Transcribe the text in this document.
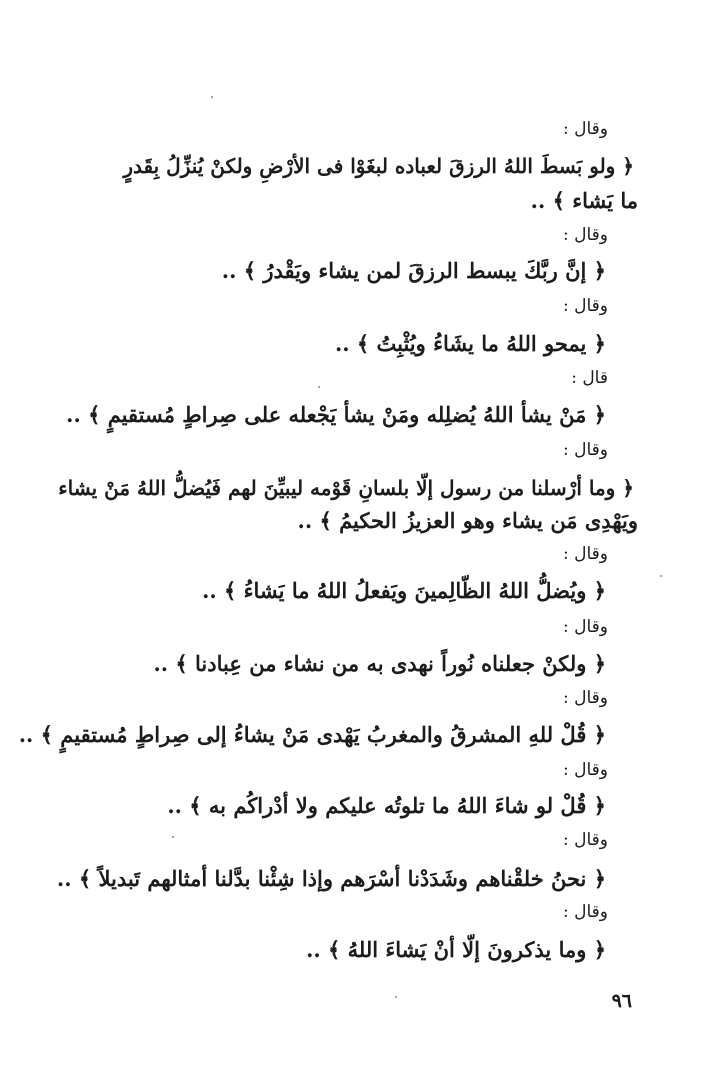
وقال :
﴿ ولو بَسطَ اللهُ الرزقَ لعباده لبغَوْا فى الأرْضِ ولكنْ يُنزِّلُ بِقَدرٍ
ما يَشاء ﴾ ..
وقال :
﴿ إنَّ ربَّكَ يبسط الرزقَ لمن يشاء ويَقْدرُ ﴾ ..
وقال :
﴿ يمحو اللهُ ما يشَاءُ ويُثْبِتُ ﴾ ..
قال :
﴿ مَنْ يشأ اللهُ يُضلِله ومَنْ يشأ يَجْعله على صِراطٍ مُستقيمٍ ﴾ ..
وقال :
﴿ وما أرْسلنا من رسول إلّا بلسانِ قَوْمه ليبيِّنَ لهم فَيُضلُّ اللهُ مَنْ يشاء
ويَهْدِى مَن يشاء وهو العزيزُ الحكيمُ ﴾ ..
وقال :
﴿ ويُضلُّ اللهُ الظّالِمينَ ويَفعلُ اللهُ ما يَشاءُ ﴾ ..
وقال :
﴿ ولكنْ جعلناه نُوراً نهدى به من نشاء من عِبادنا ﴾ ..
وقال :
﴿ قُلْ للهِ المشرقُ والمغربُ يَهْدى مَنْ يشاءُ إلى صِراطٍ مُستقيمٍ ﴾ ..
وقال :
﴿ قُلْ لو شاءَ اللهُ ما تلوتُه عليكم ولا أدْراكُم به ﴾ ..
وقال :
﴿ نحنُ خلقْناهم وشَدَدْنا أسْرَهم وإذا شِئْنا بدَّلنا أمثالهم تَبديلاً ﴾ ..
وقال :
﴿ وما يذكرونَ إلّا أنْ يَشاءَ اللهُ ﴾ ..
٩٦
